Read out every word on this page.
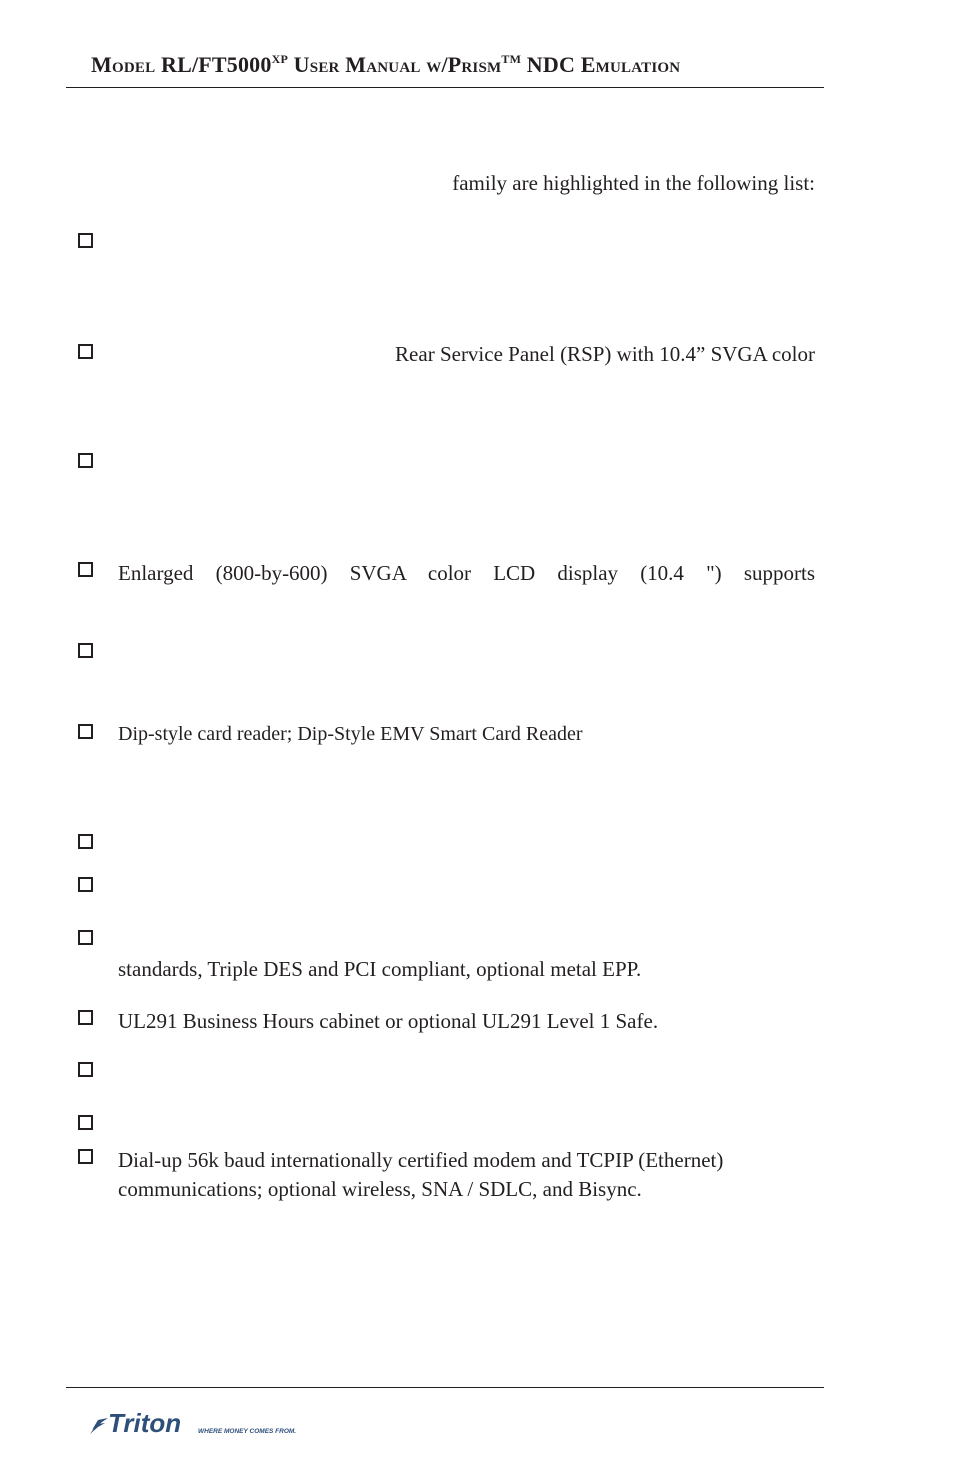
Model $RL/FT5000^{XP}$ User Manual w/Prism™ NDC Emulation
family are highlighted in the following list:
Rear Service Panel (RSP) with 10.4” SVGA color
Enlarged (800-by-600) SVGA color LCD display (10.4 ") supports
Dip-style card reader; Dip-Style EMV Smart Card Reader
standards, Triple DES and PCI compliant, optional metal EPP.
UL291 Business Hours cabinet or optional UL291 Level 1 Safe.
Dial-up 56k baud internationally certified modem and TCPIP (Ethernet)
communications; optional wireless, SNA / SDLC, and Bisync.
Triton	WHERE MONEY COMES FROM.
